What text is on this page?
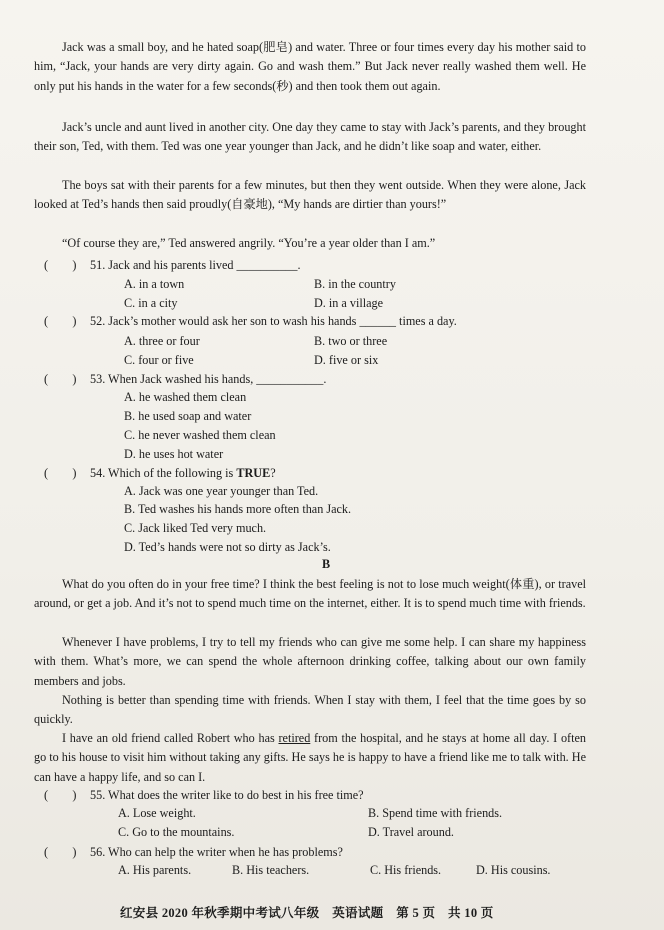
Jack was a small boy, and he hated soap(肥皂) and water. Three or four times every day his mother said to him, “Jack, your hands are very dirty again. Go and wash them.” But Jack never really washed them well. He only put his hands in the water for a few seconds(秒) and then took them out again.

Jack’s uncle and aunt lived in another city. One day they came to stay with Jack’s parents, and they brought their son, Ted, with them. Ted was one year younger than Jack, and he didn’t like soap and water, either.

The boys sat with their parents for a few minutes, but then they went outside. When they were alone, Jack looked at Ted’s hands then said proudly(自豪地), “My hands are dirtier than yours!”

“Of course they are,” Ted answered angrily. “You’re a year older than I am.”

(　　) 51. Jack and his parents lived __________.
A. in a town	B. in the country
C. in a city	D. in a village
(　　) 52. Jack’s mother would ask her son to wash his hands ______ times a day.
A. three or four	B. two or three
C. four or five	D. five or six
(　　) 53. When Jack washed his hands, ___________.
A. he washed them clean
B. he used soap and water
C. he never washed them clean
D. he uses hot water
(　　) 54. Which of the following is TRUE?
A. Jack was one year younger than Ted.
B. Ted washes his hands more often than Jack.
C. Jack liked Ted very much.
D. Ted’s hands were not so dirty as Jack’s.
B

What do you often do in your free time? I think the best feeling is not to lose much weight(体重), or travel around, or get a job. And it’s not to spend much time on the internet, either. It is to spend much time with friends.

Whenever I have problems, I try to tell my friends who can give me some help. I can share my happiness with them. What’s more, we can spend the whole afternoon drinking coffee, talking about our own family members and jobs.

Nothing is better than spending time with friends. When I stay with them, I feel that the time goes by so quickly.

I have an old friend called Robert who has retired from the hospital, and he stays at home all day. I often go to his house to visit him without taking any gifts. He says he is happy to have a friend like me to talk with. He can have a happy life, and so can I.

(　　) 55. What does the writer like to do best in his free time?
A. Lose weight.	B. Spend time with friends.
C. Go to the mountains.	D. Travel around.
(　　) 56. Who can help the writer when he has problems?
A. His parents.	B. His teachers.	C. His friends.	D. His cousins.
红安县 2020 年秋季期中考试八年级　英语试题　第 5 页　共 10 页
